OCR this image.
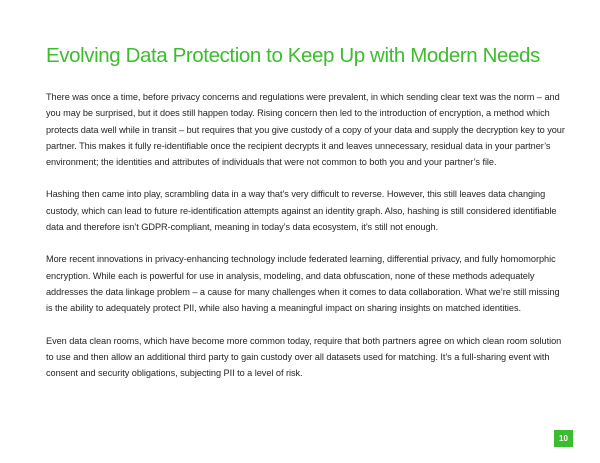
Evolving Data Protection to Keep Up with Modern Needs

There was once a time, before privacy concerns and regulations were prevalent, in which sending clear text was the norm – and you may be surprised, but it does still happen today. Rising concern then led to the introduction of encryption, a method which protects data well while in transit – but requires that you give custody of a copy of your data and supply the decryption key to your partner. This makes it fully re-identifiable once the recipient decrypts it and leaves unnecessary, residual data in your partner’s environment; the identities and attributes of individuals that were not common to both you and your partner’s file.

Hashing then came into play, scrambling data in a way that’s very difficult to reverse. However, this still leaves data changing custody, which can lead to future re-identification attempts against an identity graph. Also, hashing is still considered identifiable data and therefore isn’t GDPR-compliant, meaning in today’s data ecosystem, it’s still not enough.

More recent innovations in privacy-enhancing technology include federated learning, differential privacy, and fully homomorphic encryption. While each is powerful for use in analysis, modeling, and data obfuscation, none of these methods adequately addresses the data linkage problem – a cause for many challenges when it comes to data collaboration. What we’re still missing is the ability to adequately protect PII, while also having a meaningful impact on sharing insights on matched identities.

Even data clean rooms, which have become more common today, require that both partners agree on which clean room solution to use and then allow an additional third party to gain custody over all datasets used for matching. It’s a full-sharing event with consent and security obligations, subjecting PII to a level of risk.

10
